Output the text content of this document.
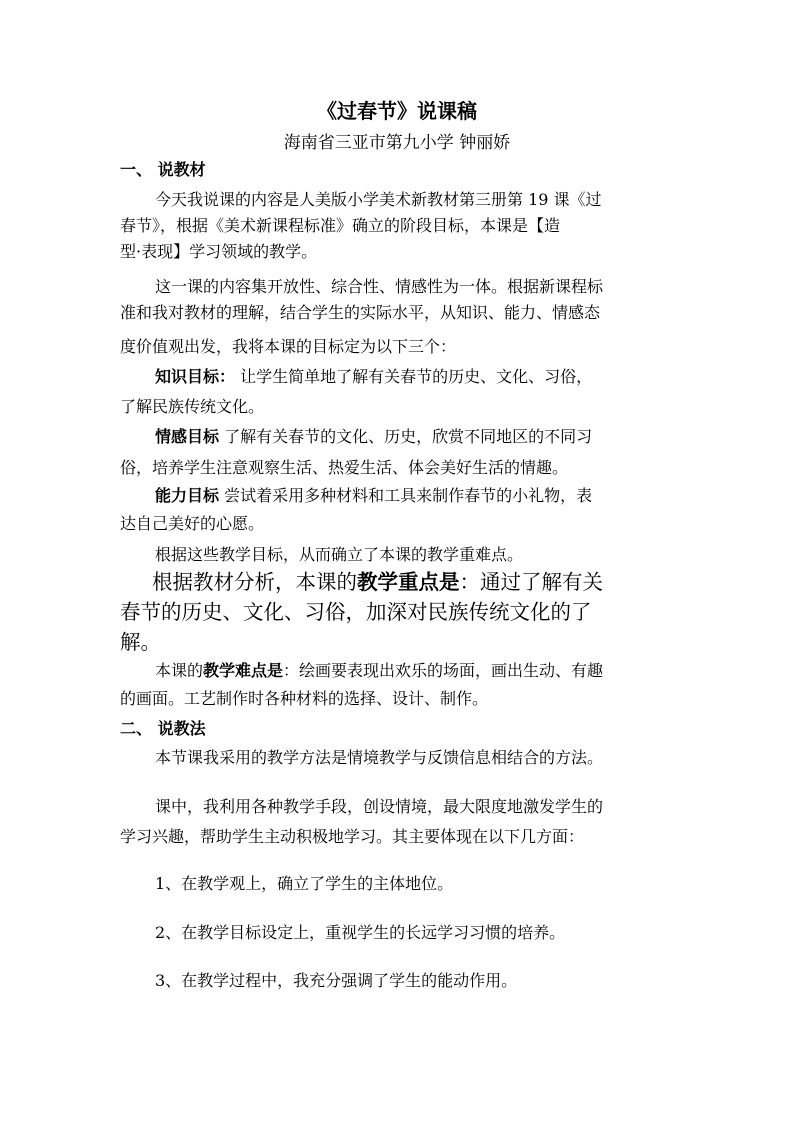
《过春节》说课稿
海南省三亚市第九小学 钟丽娇
一、 说教材
今天我说课的内容是人美版小学美术新教材第三册第 19 课《过
春节》，根据《美术新课程标准》确立的阶段目标，本课是【造
型·表现】学习领域的教学。
这一课的内容集开放性、综合性、情感性为一体。根据新课程标
准和我对教材的理解，结合学生的实际水平，从知识、能力、情感态
度价值观出发，我将本课的目标定为以下三个：
知识目标： 让学生简单地了解有关春节的历史、文化、习俗，
了解民族传统文化。
情感目标 了解有关春节的文化、历史，欣赏不同地区的不同习
俗，培养学生注意观察生活、热爱生活、体会美好生活的情趣。
能力目标 尝试着采用多种材料和工具来制作春节的小礼物，表
达自己美好的心愿。
根据这些教学目标，从而确立了本课的教学重难点。
根据教材分析，本课的教学重点是：通过了解有关
春节的历史、文化、习俗，加深对民族传统文化的了
解。
本课的教学难点是：绘画要表现出欢乐的场面，画出生动、有趣
的画面。工艺制作时各种材料的选择、设计、制作。
二、 说教法
本节课我采用的教学方法是情境教学与反馈信息相结合的方法。
课中，我利用各种教学手段，创设情境，最大限度地激发学生的
学习兴趣，帮助学生主动积极地学习。其主要体现在以下几方面：
1、在教学观上，确立了学生的主体地位。
2、在教学目标设定上，重视学生的长远学习习惯的培养。
3、在教学过程中，我充分强调了学生的能动作用。
